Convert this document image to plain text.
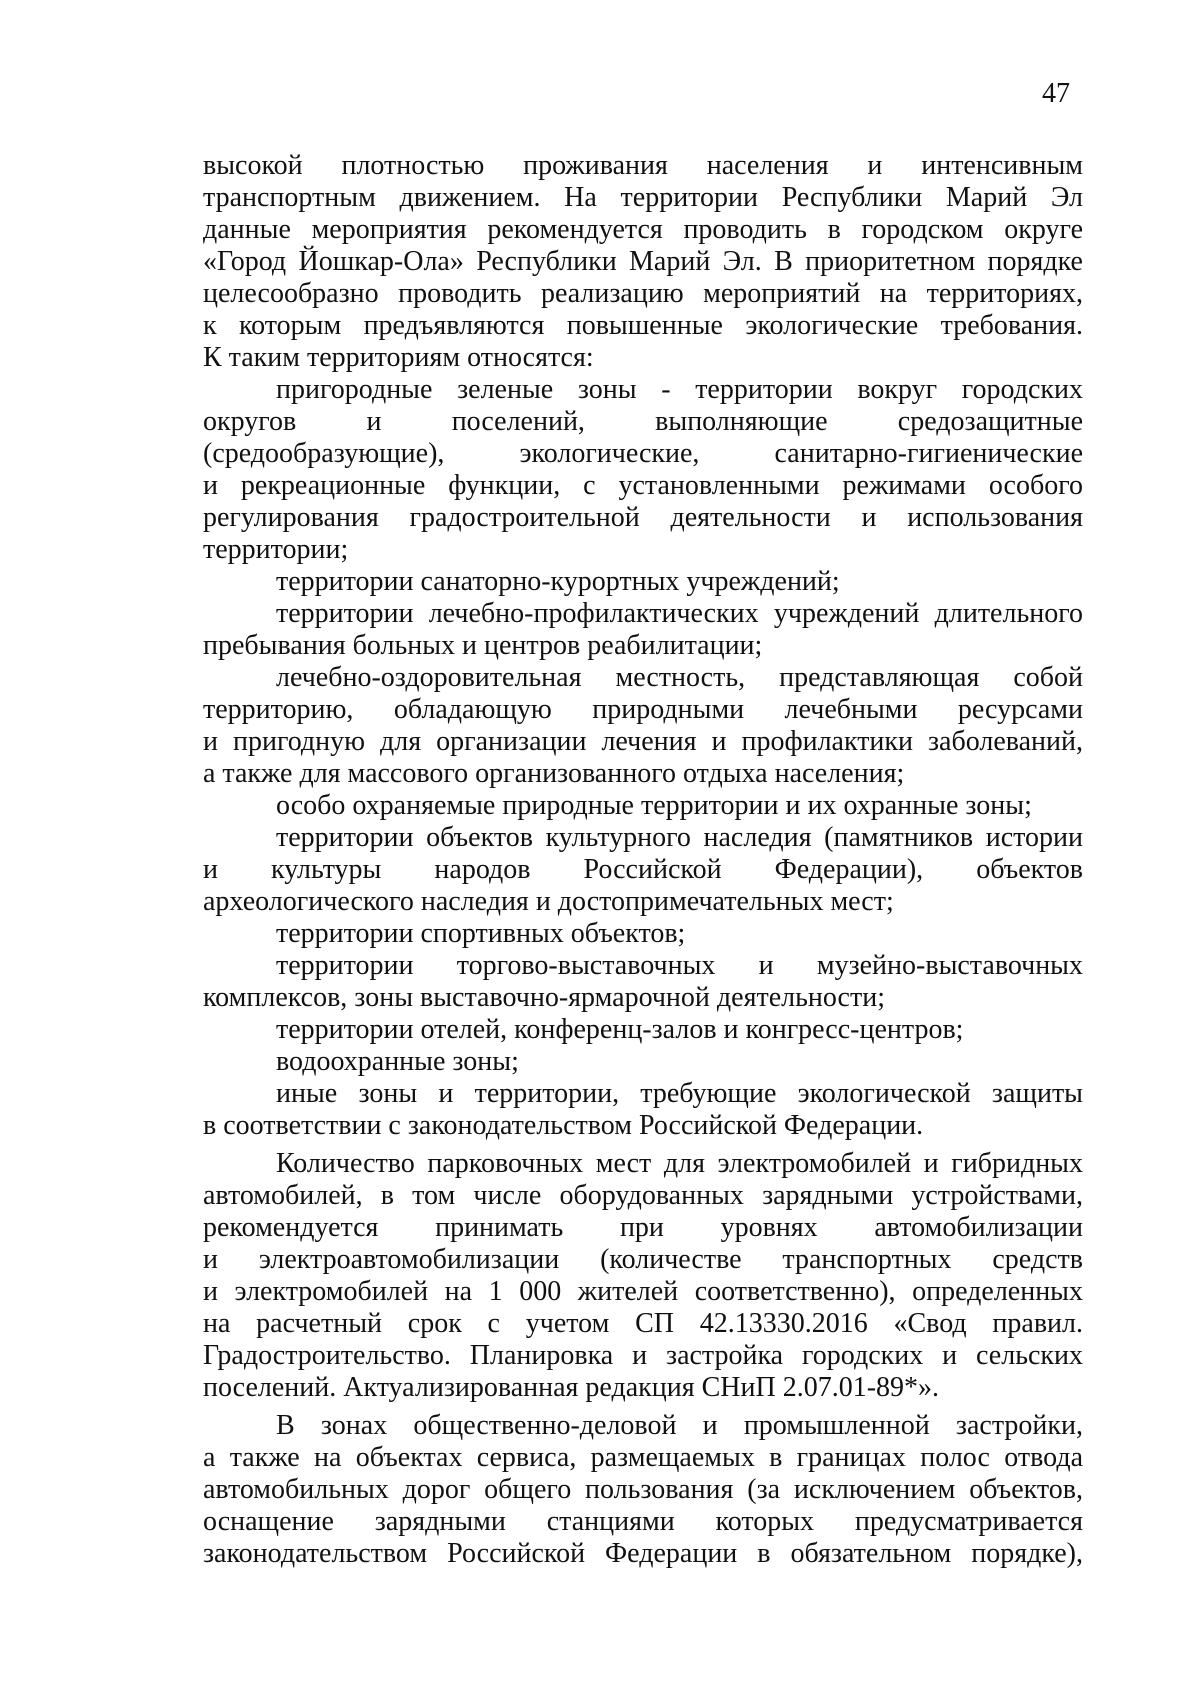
47
высокой плотностью проживания населения и интенсивным
транспортным движением. На территории Республики Марий Эл
данные мероприятия рекомендуется проводить в городском округе
«Город Йошкар-Ола» Республики Марий Эл. В приоритетном порядке
целесообразно проводить реализацию мероприятий на территориях,
к которым предъявляются повышенные экологические требования.
К таким территориям относятся:
пригородные зеленые зоны - территории вокруг городских
округов и поселений, выполняющие средозащитные
(средообразующие), экологические, санитарно-гигиенические
и рекреационные функции, с установленными режимами особого
регулирования градостроительной деятельности и использования
территории;
территории санаторно-курортных учреждений;
территории лечебно-профилактических учреждений длительного
пребывания больных и центров реабилитации;
лечебно-оздоровительная местность, представляющая собой
территорию, обладающую природными лечебными ресурсами
и пригодную для организации лечения и профилактики заболеваний,
а также для массового организованного отдыха населения;
особо охраняемые природные территории и их охранные зоны;
территории объектов культурного наследия (памятников истории
и культуры народов Российской Федерации), объектов
археологического наследия и достопримечательных мест;
территории спортивных объектов;
территории торгово-выставочных и музейно-выставочных
комплексов, зоны выставочно-ярмарочной деятельности;
территории отелей, конференц-залов и конгресс-центров;
водоохранные зоны;
иные зоны и территории, требующие экологической защиты
в соответствии с законодательством Российской Федерации.
Количество парковочных мест для электромобилей и гибридных
автомобилей, в том числе оборудованных зарядными устройствами,
рекомендуется принимать при уровнях автомобилизации
и электроавтомобилизации (количестве транспортных средств
и электромобилей на 1 000 жителей соответственно), определенных
на расчетный срок с учетом СП 42.13330.2016 «Свод правил.
Градостроительство. Планировка и застройка городских и сельских
поселений. Актуализированная редакция СНиП 2.07.01-89*».
В зонах общественно-деловой и промышленной застройки,
а также на объектах сервиса, размещаемых в границах полос отвода
автомобильных дорог общего пользования (за исключением объектов,
оснащение зарядными станциями которых предусматривается
законодательством Российской Федерации в обязательном порядке),
